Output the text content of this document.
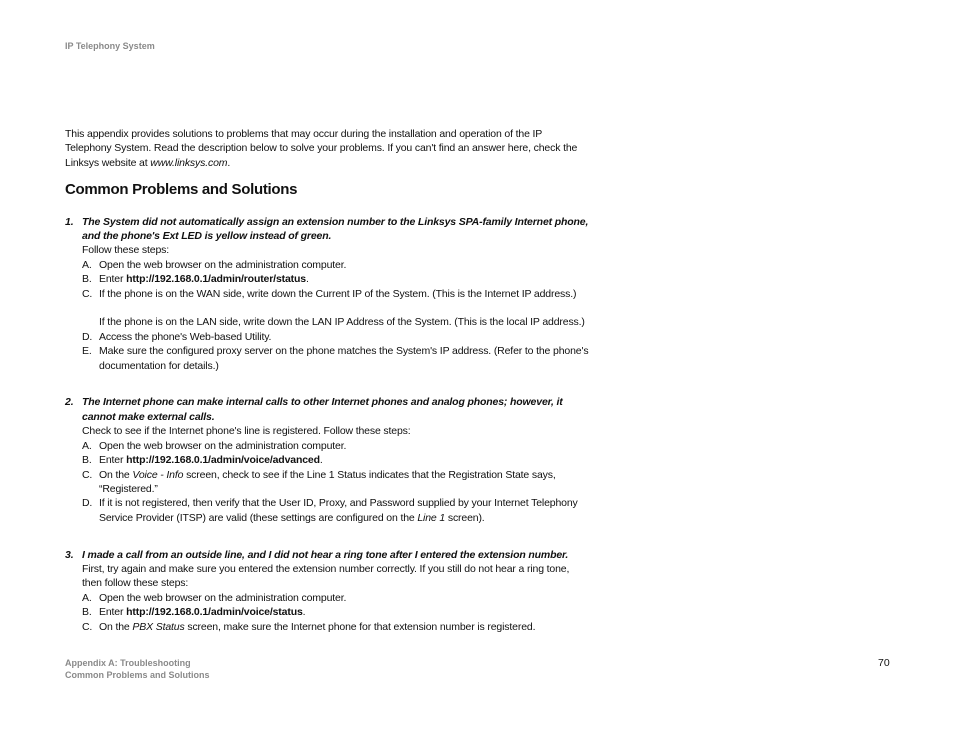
IP Telephony System

This appendix provides solutions to problems that may occur during the installation and operation of the IP Telephony System. Read the description below to solve your problems. If you can't find an answer here, check the Linksys website at www.linksys.com.

Common Problems and Solutions
1. The System did not automatically assign an extension number to the Linksys SPA-family Internet phone, and the phone's Ext LED is yellow instead of green.
Follow these steps:
A. Open the web browser on the administration computer.
B. Enter http://192.168.0.1/admin/router/status.
C. If the phone is on the WAN side, write down the Current IP of the System. (This is the Internet IP address.)
If the phone is on the LAN side, write down the LAN IP Address of the System. (This is the local IP address.)
D. Access the phone's Web-based Utility.
E. Make sure the configured proxy server on the phone matches the System's IP address. (Refer to the phone's documentation for details.)
2. The Internet phone can make internal calls to other Internet phones and analog phones; however, it cannot make external calls.
Check to see if the Internet phone's line is registered. Follow these steps:
A. Open the web browser on the administration computer.
B. Enter http://192.168.0.1/admin/voice/advanced.
C. On the Voice - Info screen, check to see if the Line 1 Status indicates that the Registration State says, “Registered.”
D. If it is not registered, then verify that the User ID, Proxy, and Password supplied by your Internet Telephony Service Provider (ITSP) are valid (these settings are configured on the Line 1 screen).
3. I made a call from an outside line, and I did not hear a ring tone after I entered the extension number.
First, try again and make sure you entered the extension number correctly. If you still do not hear a ring tone, then follow these steps:
A. Open the web browser on the administration computer.
B. Enter http://192.168.0.1/admin/voice/status.
C. On the PBX Status screen, make sure the Internet phone for that extension number is registered.
Appendix A: Troubleshooting
Common Problems and Solutions
70
